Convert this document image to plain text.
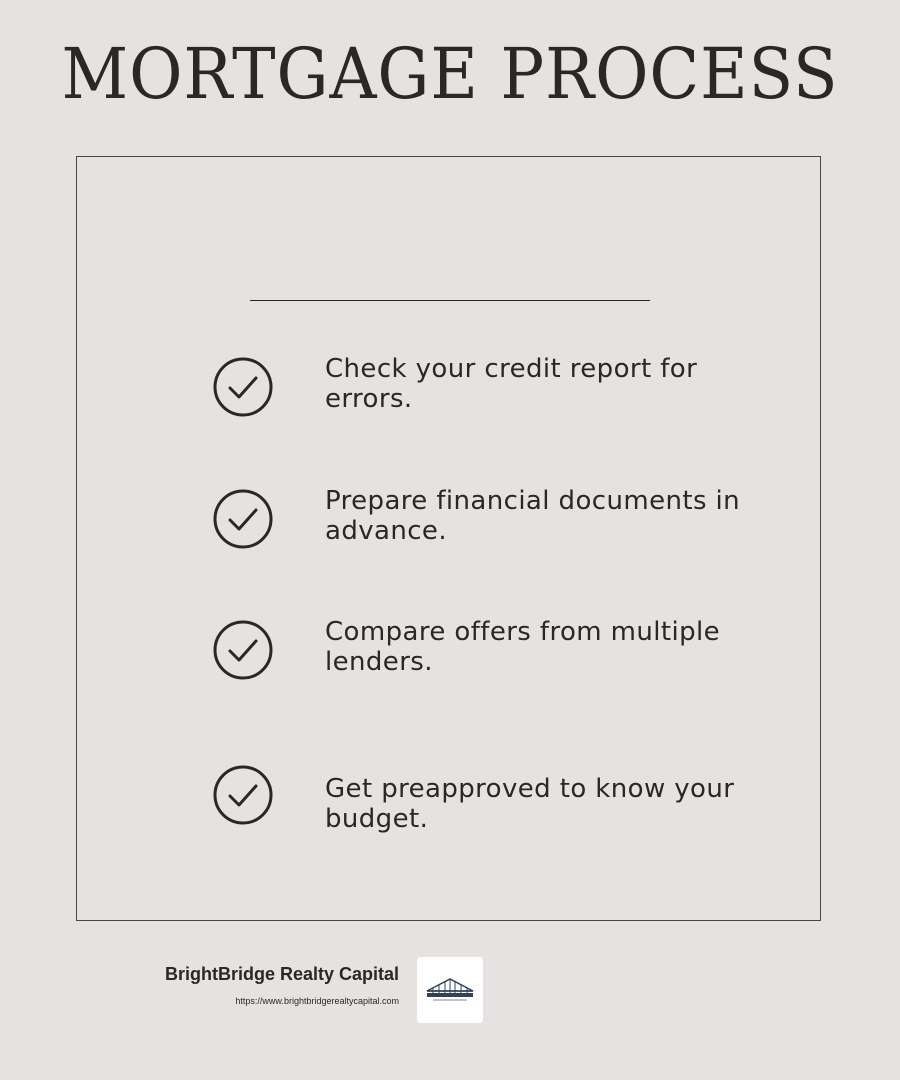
MORTGAGE PROCESS

Check your credit report for errors.

Prepare financial documents in advance.

Compare offers from multiple lenders.

Get preapproved to know your budget.

BrightBridge Realty Capital
https://www.brightbridgerealtycapital.com
